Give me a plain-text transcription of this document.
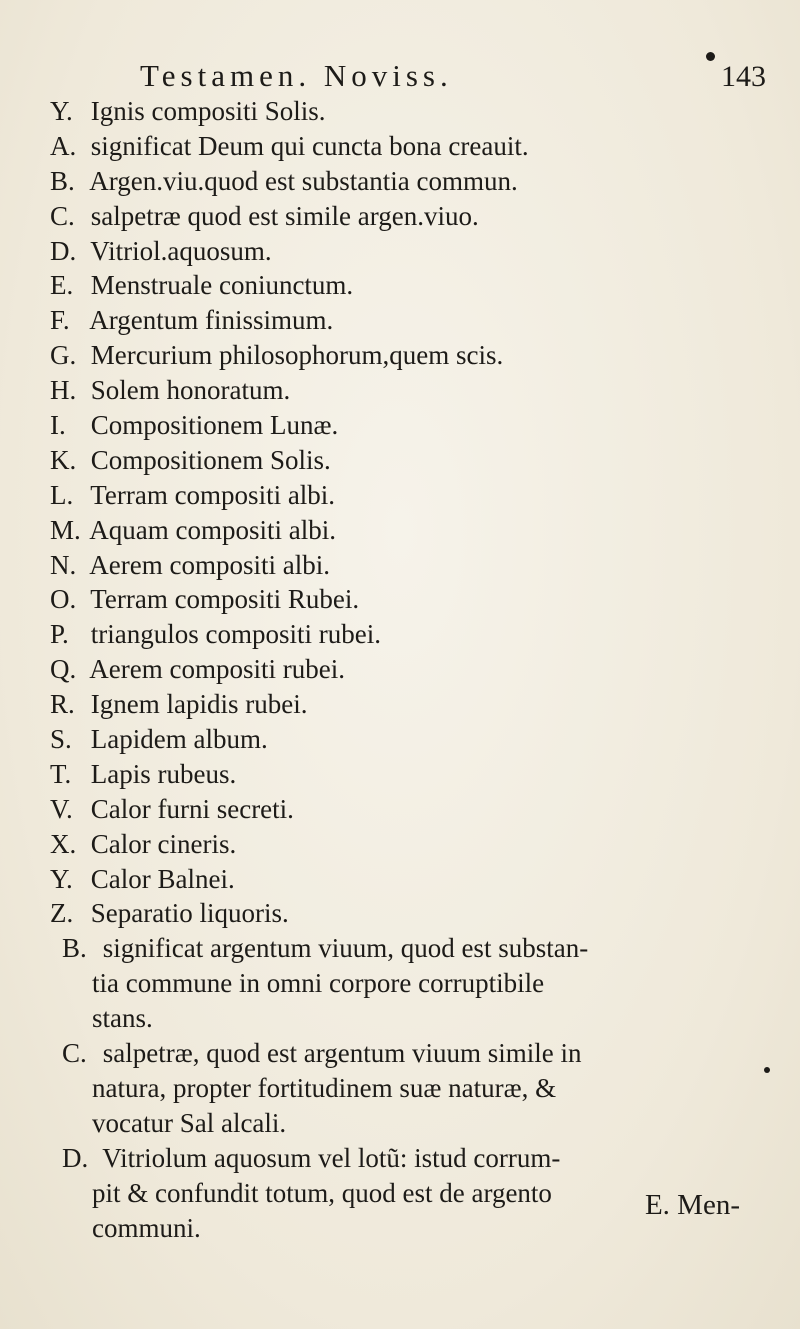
Testamen. Noviss.	143
Y. Ignis compositi Solis.
A. significat Deum qui cuncta bona creauit.
B. Argen.viu.quod est substantia commun.
C. salpetræ quod est simile argen.viuo.
D. Vitriol.aquosum.
E. Menstruale coniunctum.
F. Argentum finissimum.
G. Mercurium philosophorum,quem scis.
H. Solem honoratum.
I. Compositionem Lunæ.
K. Compositionem Solis.
L. Terram compositi albi.
M. Aquam compositi albi.
N. Aerem compositi albi.
O. Terram compositi Rubei.
P. triangulos compositi rubei.
Q. Aerem compositi rubei.
R. Ignem lapidis rubei.
S. Lapidem album.
T. Lapis rubeus.
V. Calor furni secreti.
X. Calor cineris.
Y. Calor Balnei.
Z. Separatio liquoris.
B. significat argentum viuum, quod est substan-
tia commune in omni corpore corruptibile
stans.
C. salpetræ, quod est argentum viuum simile in
natura, propter fortitudinem suæ naturæ, &
vocatur Sal alcali.
D. Vitriolum aquosum vel lotũ: istud corrum-
pit & confundit totum, quod est de argento
communi.
E. Men-
